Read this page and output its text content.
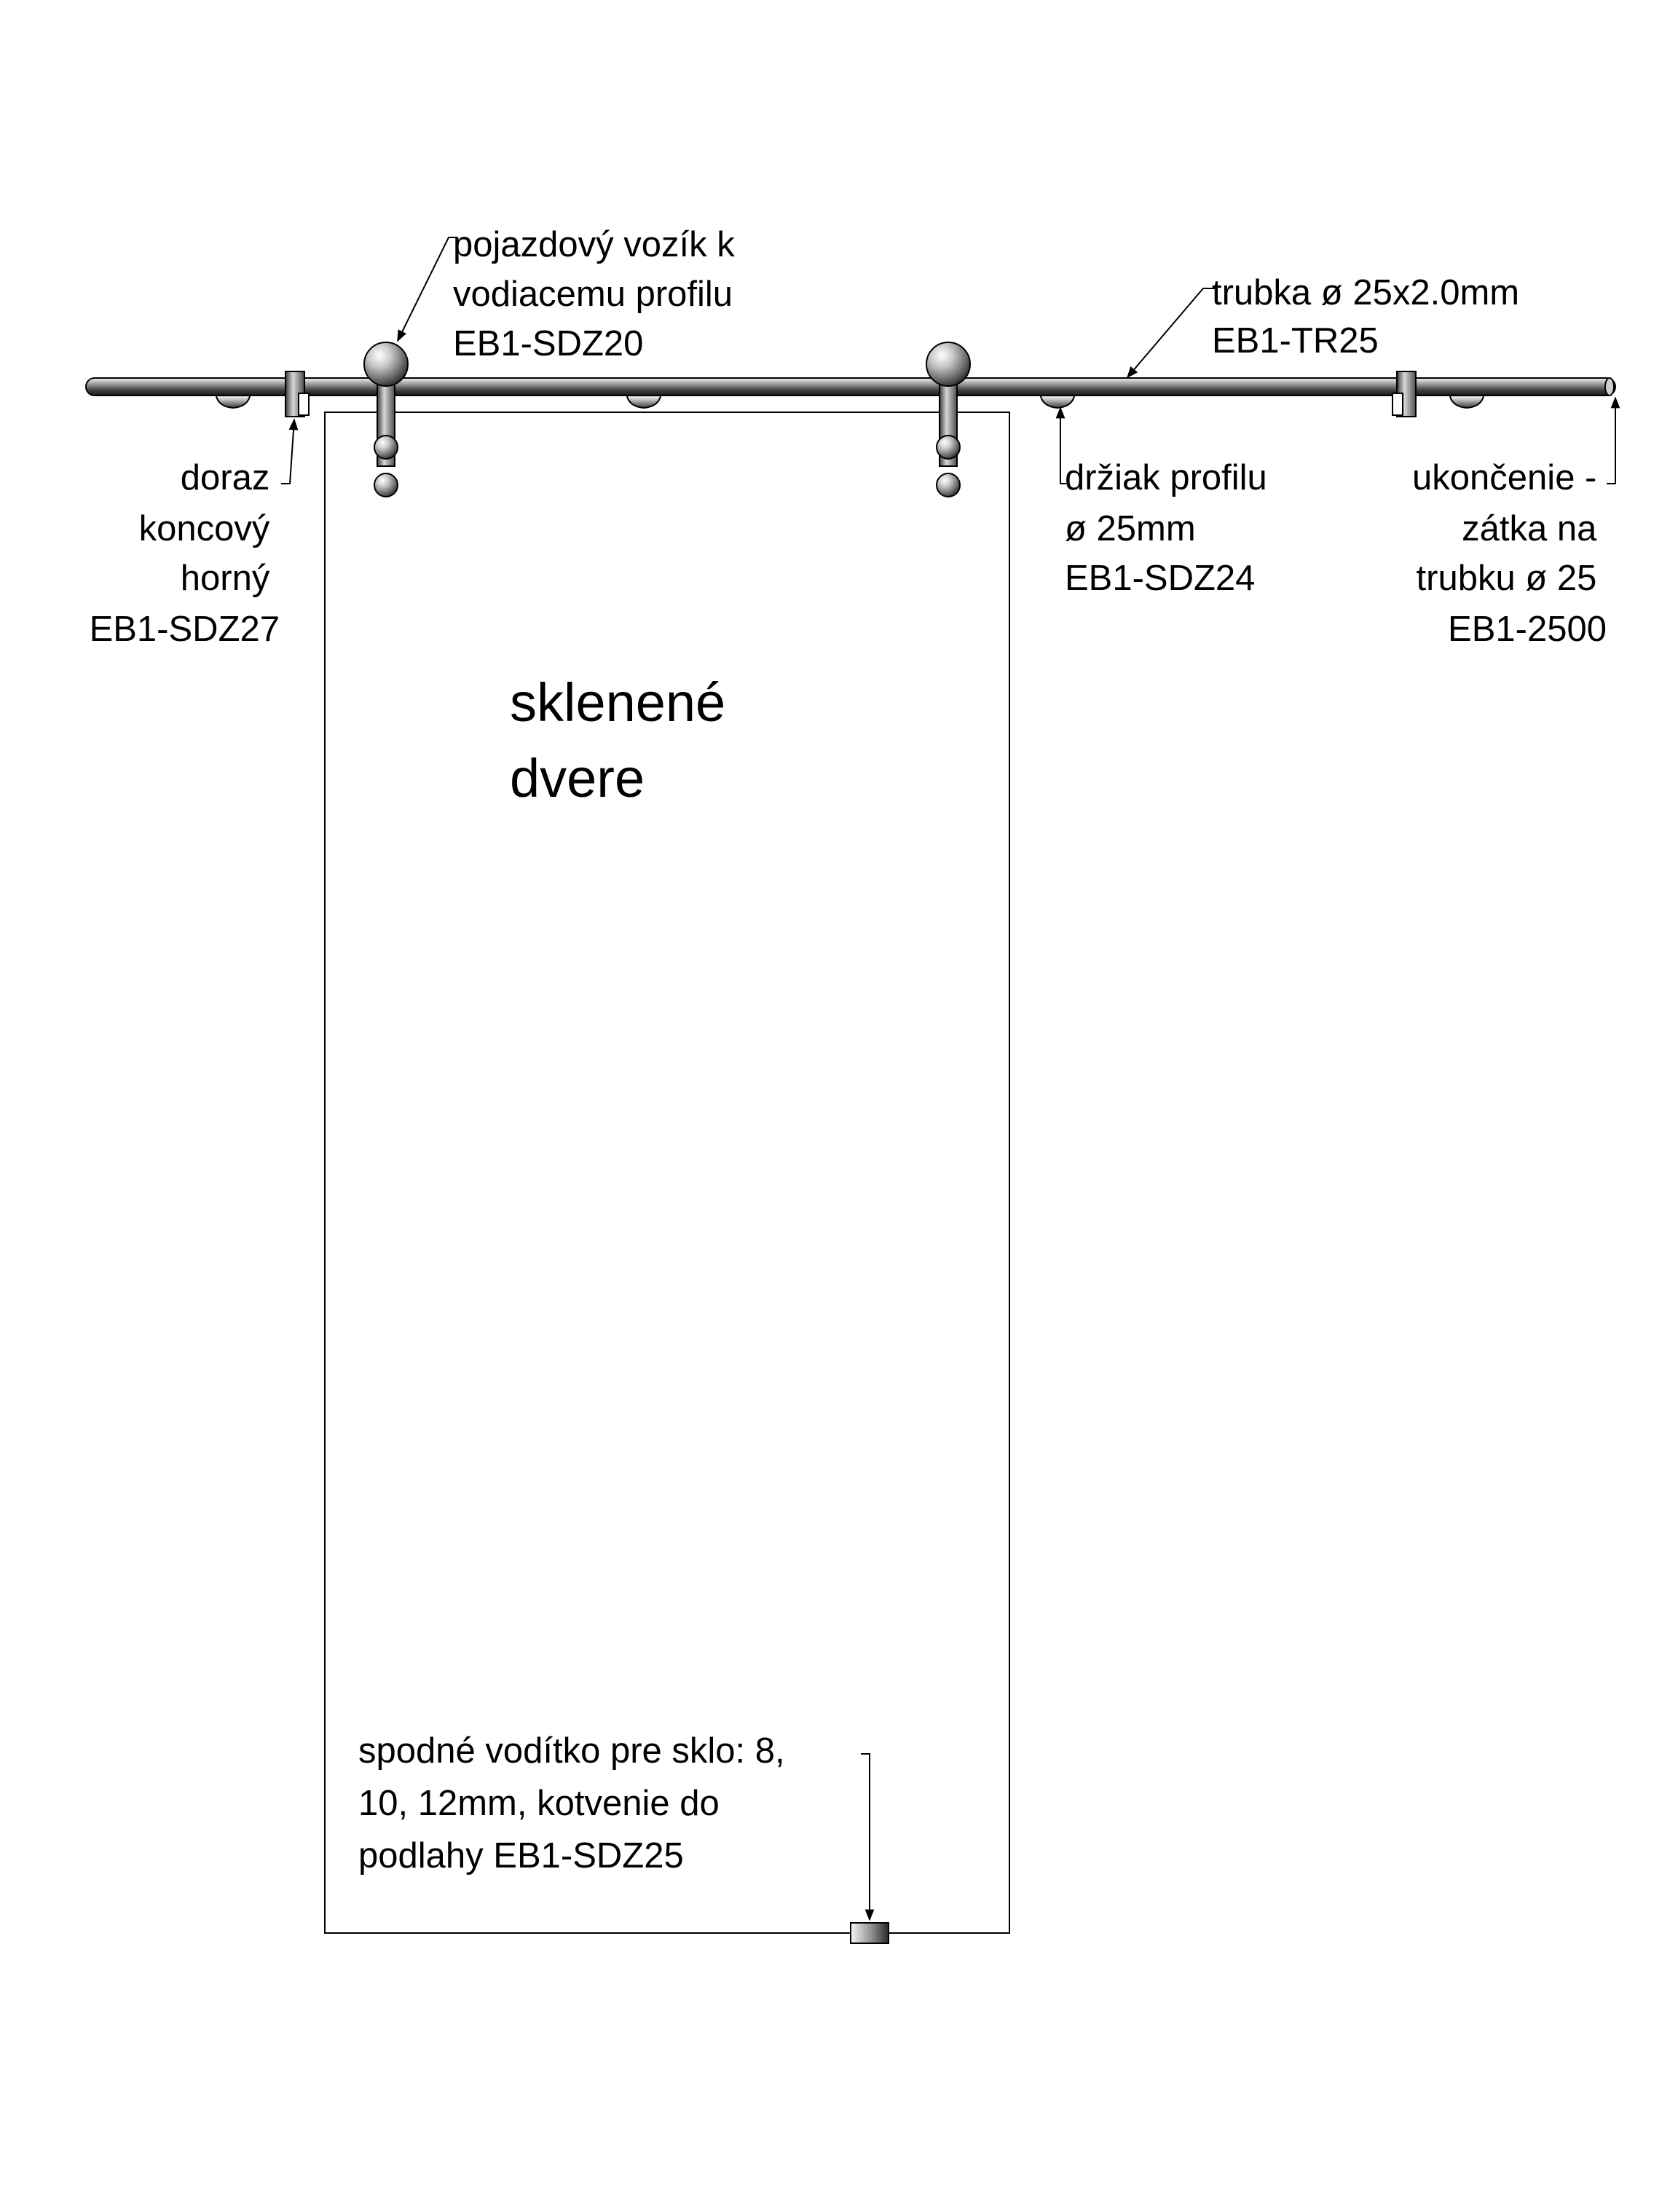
pojazdový vozík k vodiacemu profilu EB1-SDZ20
trubka ø 25x2.0mm EB1-TR25
doraz koncový horný EB1-SDZ27
držiak profilu ø 25mm EB1-SDZ24
ukončenie - zátka na trubku ø 25 EB1-2500
sklenené dvere
spodné vodítko pre sklo: 8, 10, 12mm, kotvenie do podlahy EB1-SDZ25
